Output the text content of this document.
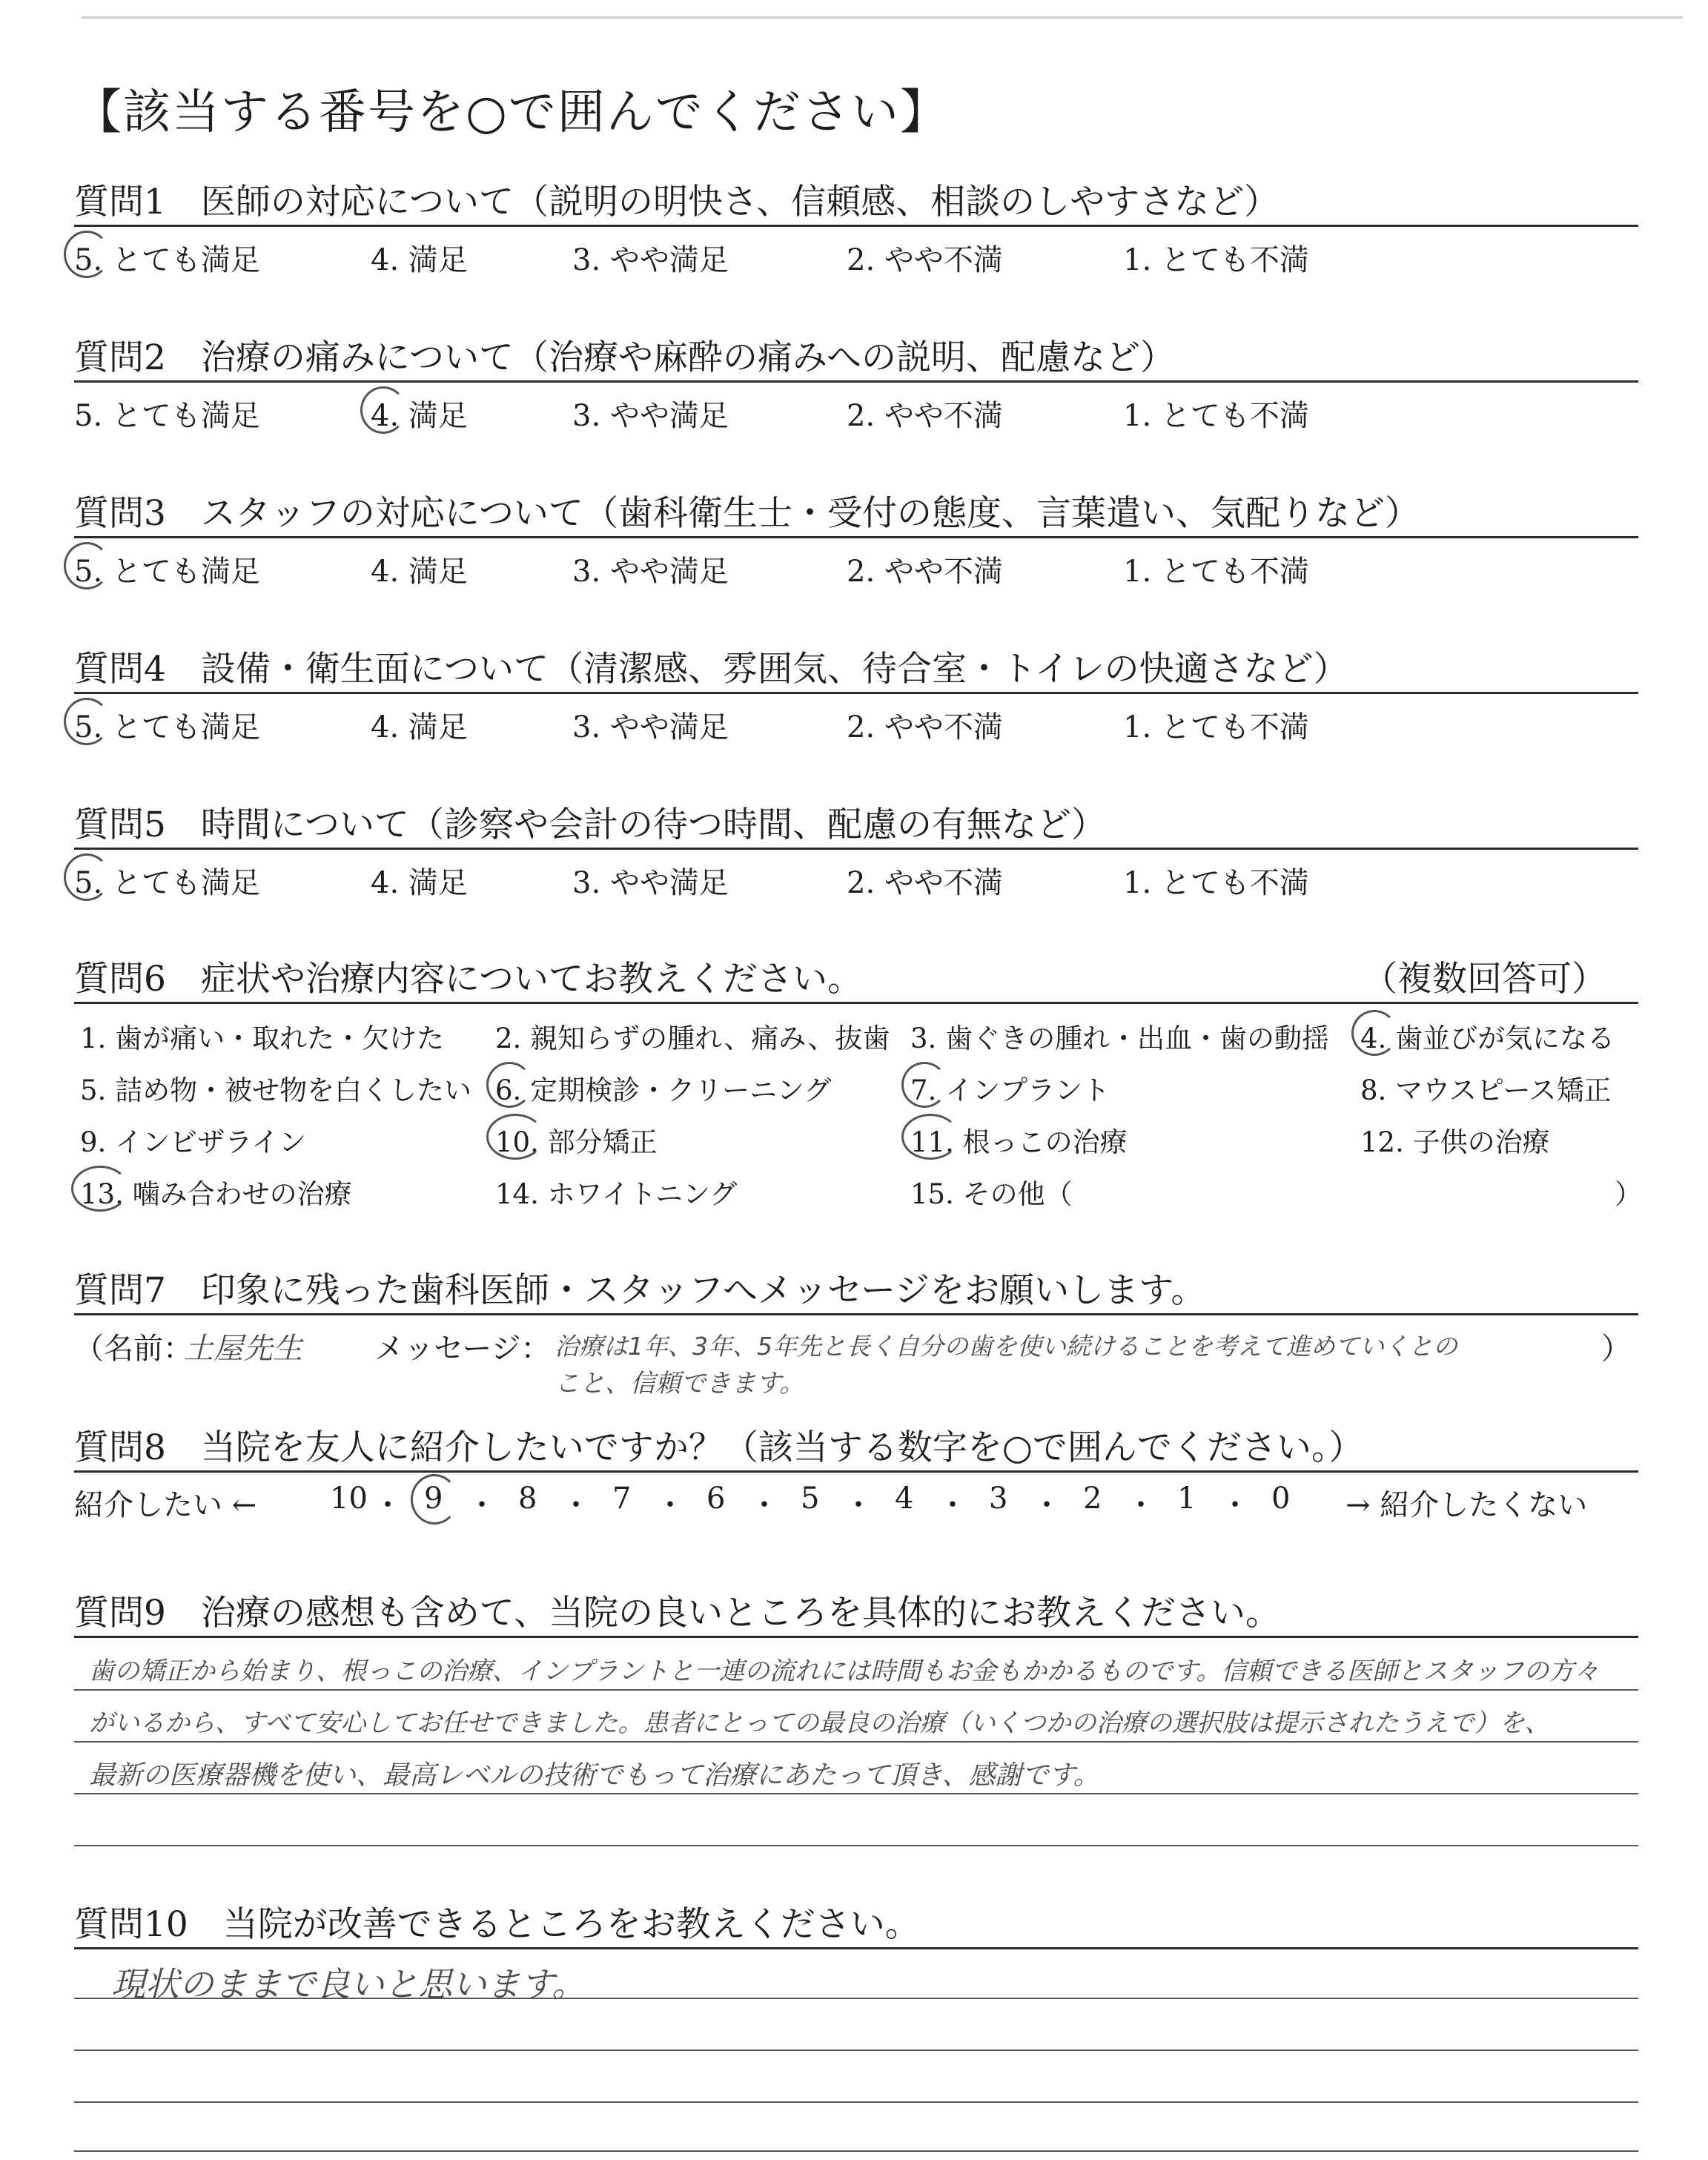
【該当する番号を○で囲んでください】
質問1　医師の対応について（説明の明快さ、信頼感、相談のしやすさなど）
5. とても満足	4. 満足	3. やや満足	2. やや不満	1. とても不満
質問2　治療の痛みについて（治療や麻酔の痛みへの説明、配慮など）
5. とても満足	4. 満足	3. やや満足	2. やや不満	1. とても不満
質問3　スタッフの対応について（歯科衛生士・受付の態度、言葉遣い、気配りなど）
5. とても満足	4. 満足	3. やや満足	2. やや不満	1. とても不満
質問4　設備・衛生面について（清潔感、雰囲気、待合室・トイレの快適さなど）
5. とても満足	4. 満足	3. やや満足	2. やや不満	1. とても不満
質問5　時間について（診察や会計の待つ時間、配慮の有無など）
5. とても満足	4. 満足	3. やや満足	2. やや不満	1. とても不満
質問6　症状や治療内容についてお教えください。	（複数回答可）
1. 歯が痛い・取れた・欠けた 2. 親知らずの腫れ、痛み、抜歯 3. 歯ぐきの腫れ・出血・歯の動揺 4. 歯並びが気になる
5. 詰め物・被せ物を白くしたい 6. 定期検診・クリーニング	7. インプラント	8. マウスピース矯正
9. インビザライン	10. 部分矯正	11. 根っこの治療	12. 子供の治療
13. 噛み合わせの治療	14. ホワイトニング	15. その他（	）
質問7　印象に残った歯科医師・スタッフへメッセージをお願いします。
（名前：
土屋先生 メッセージ： 治療は1年、3年、5年先と長く自分の歯を使い続けることを考えて進めていくとの	）
こと、信頼できます。
質問8　当院を友人に紹介したいですか？（該当する数字を○で囲んでください。）
紹介したい ← 10 ・ 9 ・ 8 ・ 7 ・ 6 ・ 5 ・ 4 ・ 3 ・ 2 ・ 1 ・ 0 → 紹介したくない
質問9　治療の感想も含めて、当院の良いところを具体的にお教えください。
歯の矯正から始まり、根っこの治療、インプラントと一連の流れには時間もお金もかかるものです。信頼できる医師とスタッフの方々
がいるから、すべて安心してお任せできました。患者にとっての最良の治療（いくつかの治療の選択肢は提示されたうえで）を、
最新の医療器機を使い、最高レベルの技術でもって治療にあたって頂き、感謝です。
質問10　当院が改善できるところをお教えください。
現状のままで良いと思います。
